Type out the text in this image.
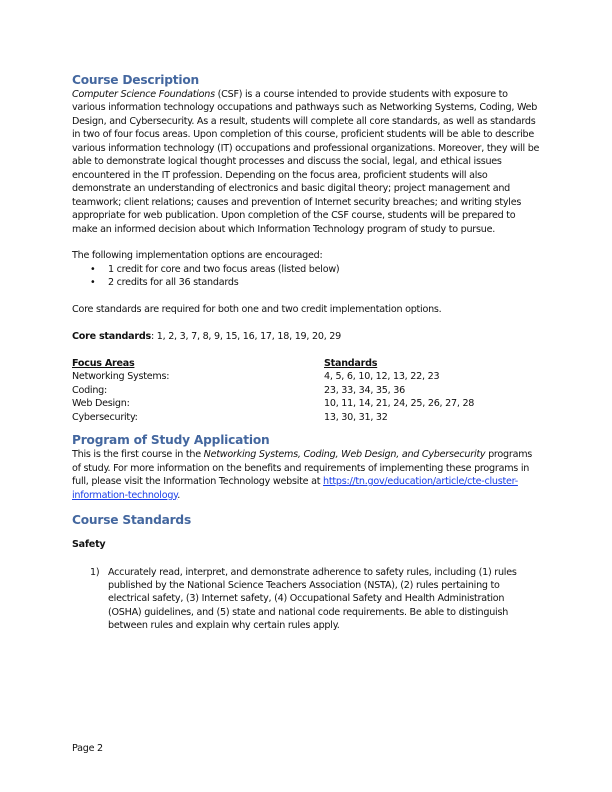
Course Description

Computer Science Foundations (CSF) is a course intended to provide students with exposure to various information technology occupations and pathways such as Networking Systems, Coding, Web Design, and Cybersecurity. As a result, students will complete all core standards, as well as standards in two of four focus areas. Upon completion of this course, proficient students will be able to describe various information technology (IT) occupations and professional organizations. Moreover, they will be able to demonstrate logical thought processes and discuss the social, legal, and ethical issues encountered in the IT profession. Depending on the focus area, proficient students will also demonstrate an understanding of electronics and basic digital theory; project management and teamwork; client relations; causes and prevention of Internet security breaches; and writing styles appropriate for web publication. Upon completion of the CSF course, students will be prepared to make an informed decision about which Information Technology program of study to pursue.

The following implementation options are encouraged:

• 1 credit for core and two focus areas (listed below)
• 2 credits for all 36 standards

Core standards are required for both one and two credit implementation options.

Core standards: 1, 2, 3, 7, 8, 9, 15, 16, 17, 18, 19, 20, 29

Focus Areas	Standards
Networking Systems:	4, 5, 6, 10, 12, 13, 22, 23
Coding:	23, 33, 34, 35, 36
Web Design:	10, 11, 14, 21, 24, 25, 26, 27, 28
Cybersecurity:	13, 30, 31, 32
Program of Study Application

This is the first course in the Networking Systems, Coding, Web Design, and Cybersecurity programs of study. For more information on the benefits and requirements of implementing these programs in full, please visit the Information Technology website at https://tn.gov/education/article/cte-cluster-information-technology.

Course Standards

Safety

1) Accurately read, interpret, and demonstrate adherence to safety rules, including (1) rules published by the National Science Teachers Association (NSTA), (2) rules pertaining to electrical safety, (3) Internet safety, (4) Occupational Safety and Health Administration (OSHA) guidelines, and (5) state and national code requirements. Be able to distinguish between rules and explain why certain rules apply.
Page 2
